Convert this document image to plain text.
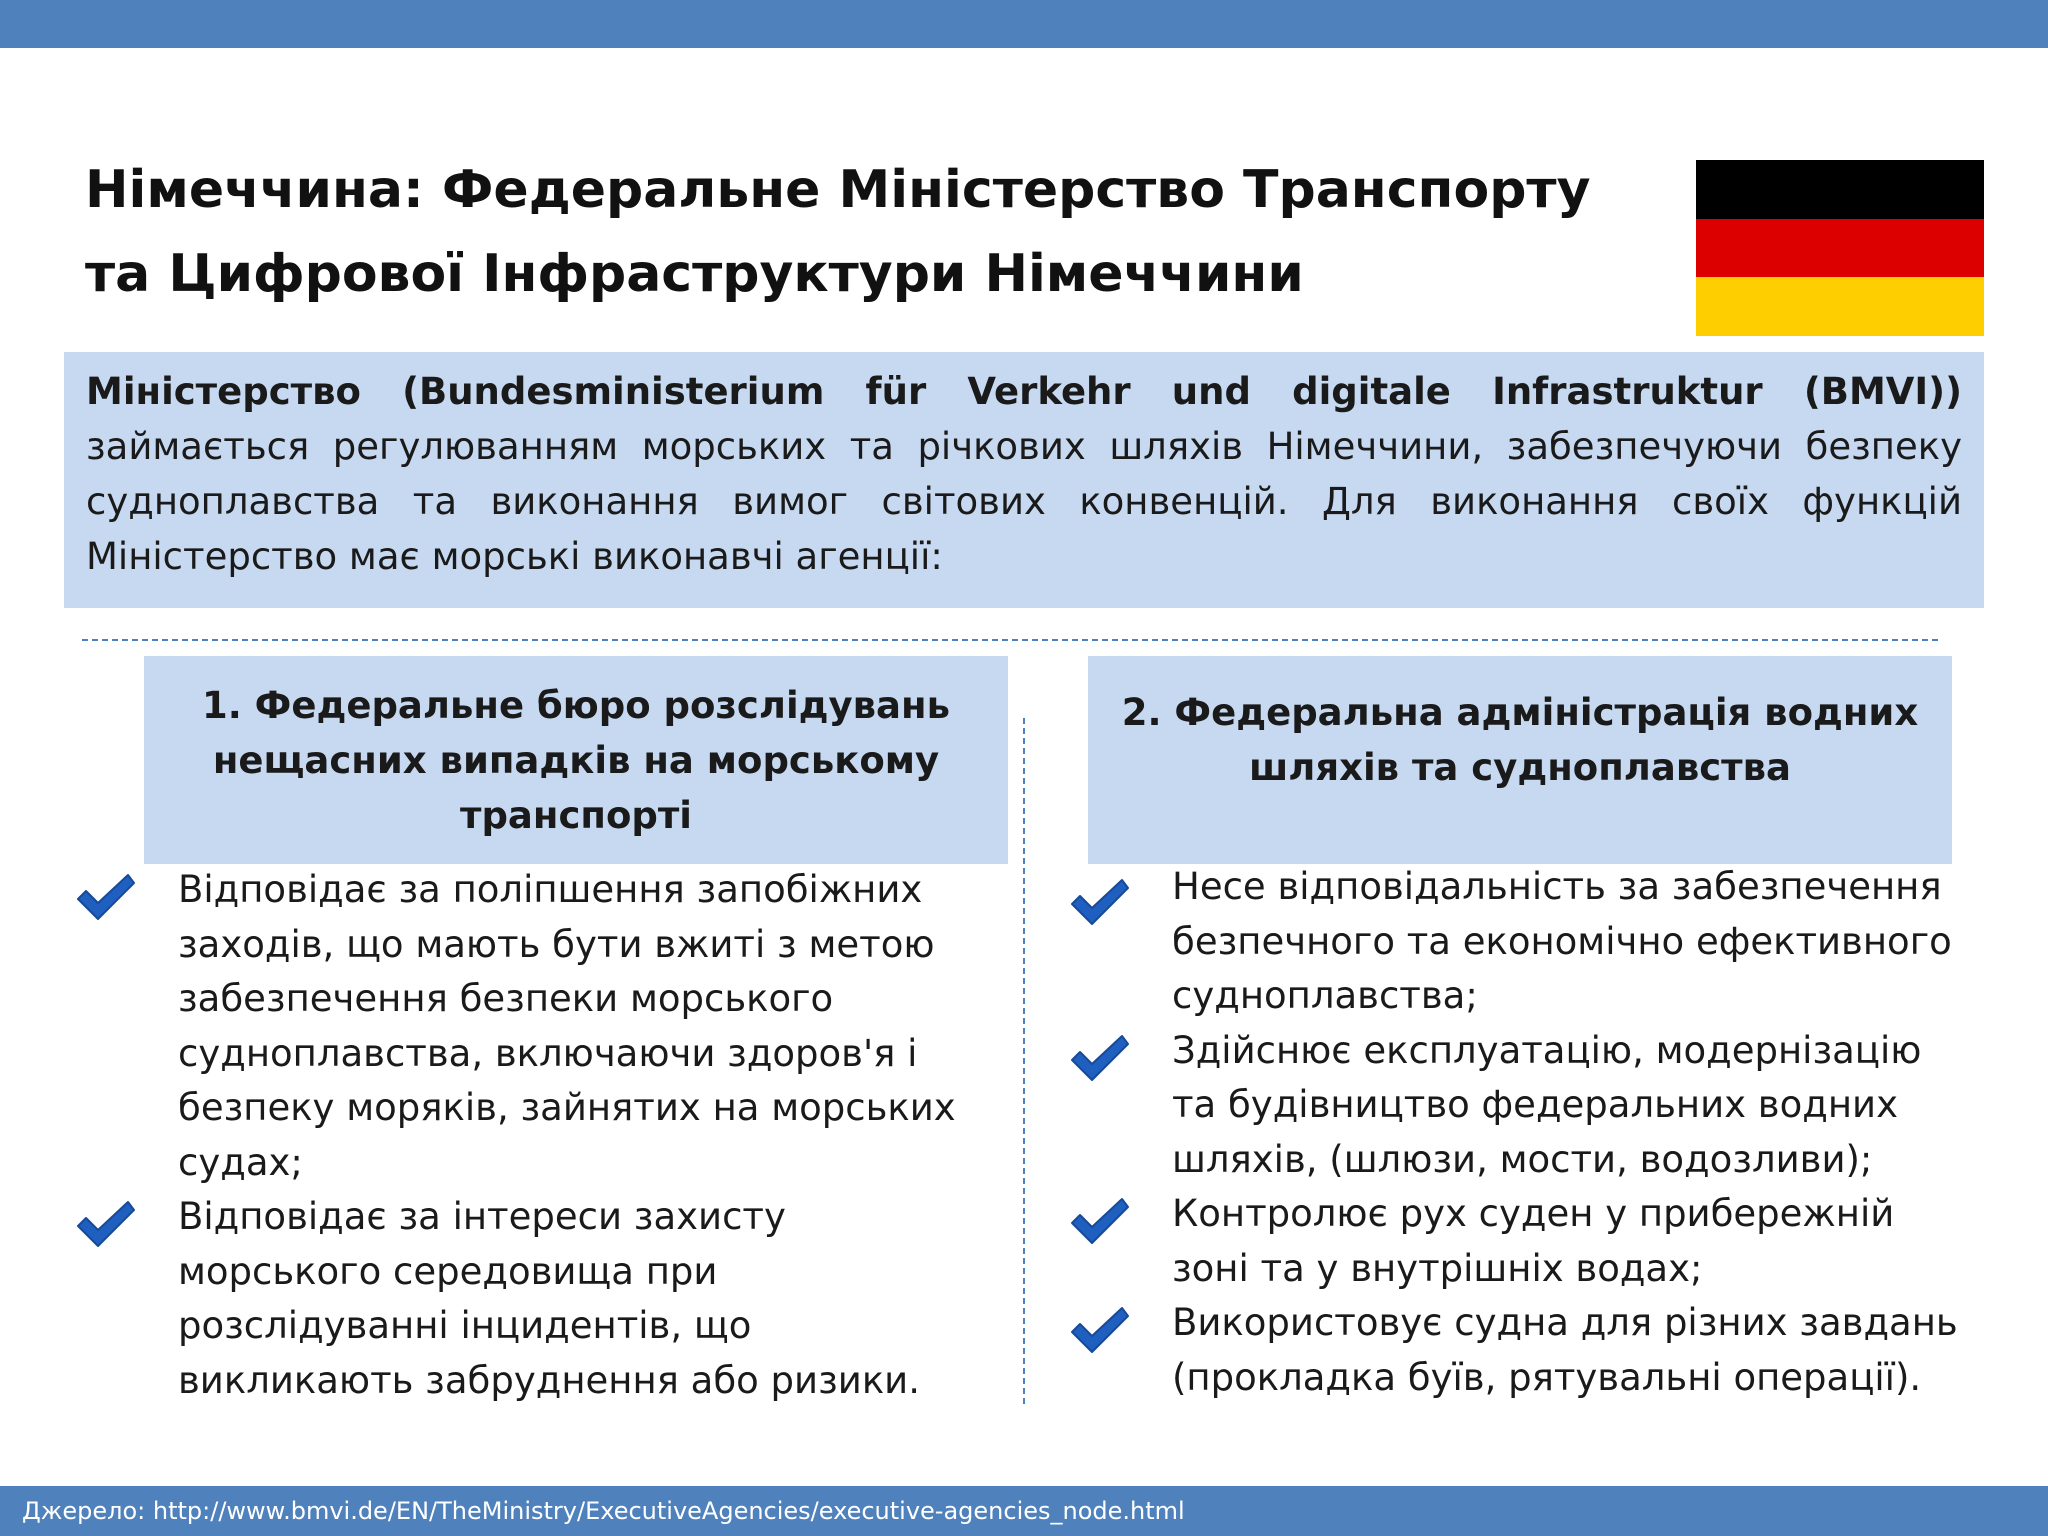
Німеччина: Федеральне Міністерство Транспорту
та Цифрової Інфраструктури Німеччини

Міністерство (Bundesministerium für Verkehr und digitale Infrastruktur (BMVI)) займається регулюванням морських та річкових шляхів Німеччини, забезпечуючи безпеку судноплавства та виконання вимог світових конвенцій. Для виконання своїх функцій Міністерство має морські виконавчі агенції:

1. Федеральне бюро розслідувань нещасних випадків на морському транспорті
2. Федеральна адміністрація водних шляхів та судноплавства
Відповідає за поліпшення запобіжних заходів, що мають бути вжиті з метою забезпечення безпеки морського судноплавства, включаючи здоров'я і безпеку моряків, зайнятих на морських судах;
Відповідає за інтереси захисту морського середовища при розслідуванні інцидентів, що викликають забруднення або ризики.
Несе відповідальність за забезпечення безпечного та економічно ефективного судноплавства;
Здійснює експлуатацію, модернізацію та будівництво федеральних водних шляхів, (шлюзи, мости, водозливи);
Контролює рух суден у прибережній зоні та у внутрішніх водах;
Використовує судна для різних завдань (прокладка буїв, рятувальні операції).
Джерело: http://www.bmvi.de/EN/TheMinistry/ExecutiveAgencies/executive-agencies_node.html
